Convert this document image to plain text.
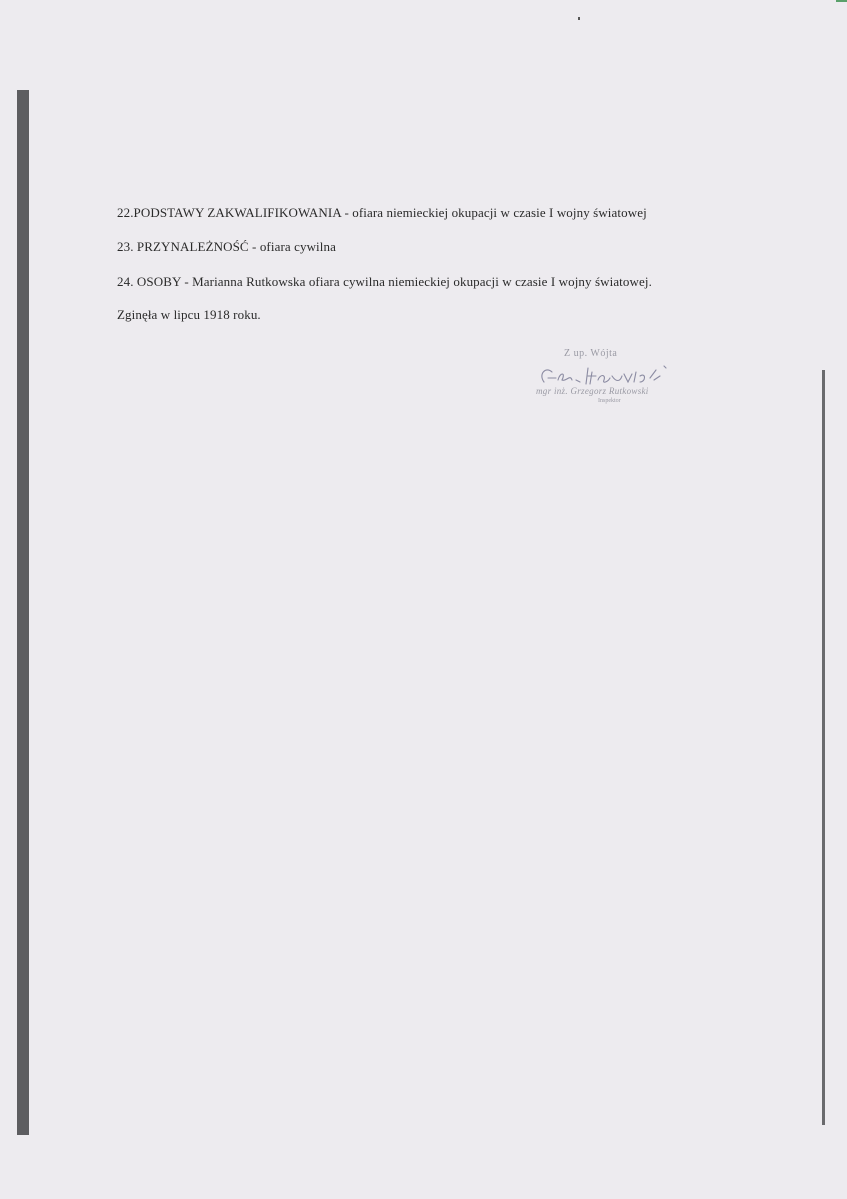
22.PODSTAWY ZAKWALIFIKOWANIA - ofiara niemieckiej okupacji w czasie I wojny światowej
23. PRZYNALEŻNOŚĆ - ofiara cywilna
24. OSOBY - Marianna Rutkowska ofiara cywilna niemieckiej okupacji w czasie I wojny światowej.
Zginęła w lipcu 1918 roku.
Z up. Wójta
mgr inż. Grzegorz Rutkowski
Inspektor
